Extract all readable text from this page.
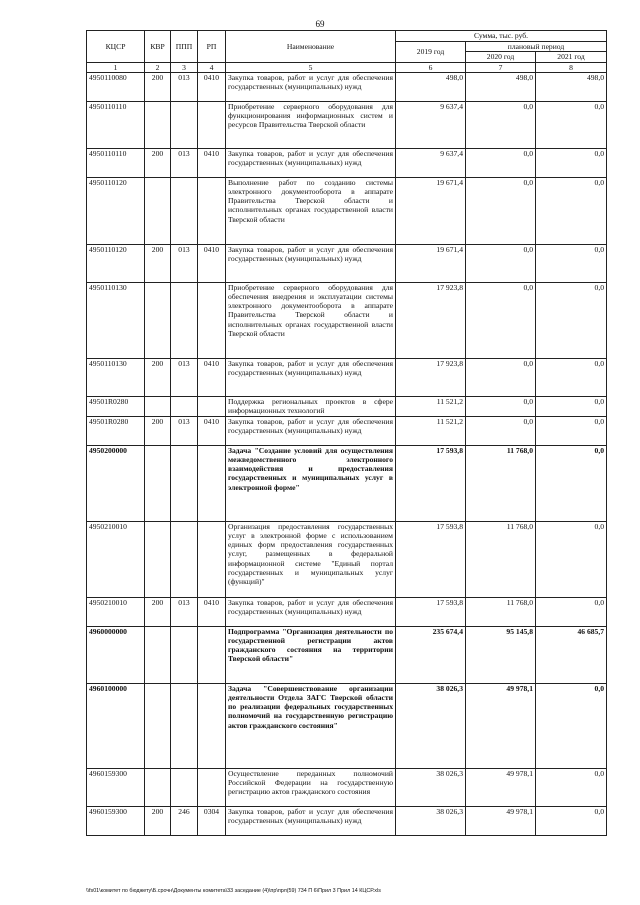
69
КЦСР	КВР	ППП	РП	Наименование	Сумма, тыс. руб.		
					2019 год	плановый период	
						2020 год	2021 год
1	2	3	4	5	6	7	8
4950110080	200	013	0410	Закупка товаров, работ и услуг для обеспечения государственных (муниципальных) нужд	498,0	498,0	498,0
4950110110				Приобретение серверного оборудования для функционирования информационных систем и ресурсов Правительства Тверской области	9 637,4	0,0	0,0
4950110110	200	013	0410	Закупка товаров, работ и услуг для обеспечения государственных (муниципальных) нужд	9 637,4	0,0	0,0
4950110120				Выполнение работ по созданию системы электронного документооборота в аппарате Правительства Тверской области и исполнительных органах государственной власти Тверской области	19 671,4	0,0	0,0
4950110120	200	013	0410	Закупка товаров, работ и услуг для обеспечения государственных (муниципальных) нужд	19 671,4	0,0	0,0
4950110130				Приобретение серверного оборудования для обеспечения внедрения и эксплуатации системы электронного документооборота в аппарате Правительства Тверской области и исполнительных органах государственной власти Тверской области	17 923,8	0,0	0,0
4950110130	200	013	0410	Закупка товаров, работ и услуг для обеспечения государственных (муниципальных) нужд	17 923,8	0,0	0,0
49501R0280				Поддержка региональных проектов в сфере информационных технологий	11 521,2	0,0	0,0
49501R0280	200	013	0410	Закупка товаров, работ и услуг для обеспечения государственных (муниципальных) нужд	11 521,2	0,0	0,0
4950200000				Задача "Создание условий для осуществления межведомственного электронного взаимодействия и предоставления государственных и муниципальных услуг в электронной форме"	17 593,8	11 768,0	0,0
4950210010				Организация предоставления государственных услуг в электронной форме с использованием единых форм предоставления государственных услуг, размещенных в федеральной информационной системе "Единый портал государственных и муниципальных услуг (функций)"	17 593,8	11 768,0	0,0
4950210010	200	013	0410	Закупка товаров, работ и услуг для обеспечения государственных (муниципальных) нужд	17 593,8	11 768,0	0,0
4960000000				Подпрограмма "Организация деятельности по государственной регистрации актов гражданского состояния на территории Тверской области"	235 674,4	95 145,8	46 685,7
4960100000				Задача "Совершенствование организации деятельности Отдела ЗАГС Тверской области по реализации федеральных государственных полномочий на государственную регистрацию актов гражданского состояния"	38 026,3	49 978,1	0,0
4960159300				Осуществление переданных полномочий Российской Федерации на государственную регистрацию актов гражданского состояния	38 026,3	49 978,1	0,0
4960159300	200	246	0304	Закупка товаров, работ и услуг для обеспечения государственных (муниципальных) нужд	38 026,3	49 978,1	0,0
\\fs01\комитет по бюджету\Б.срочн\Документы комитета\33 заседание (4)\пр\прл(59) 734 П 6\Прил 3 Прил 14 КЦСР.xls
